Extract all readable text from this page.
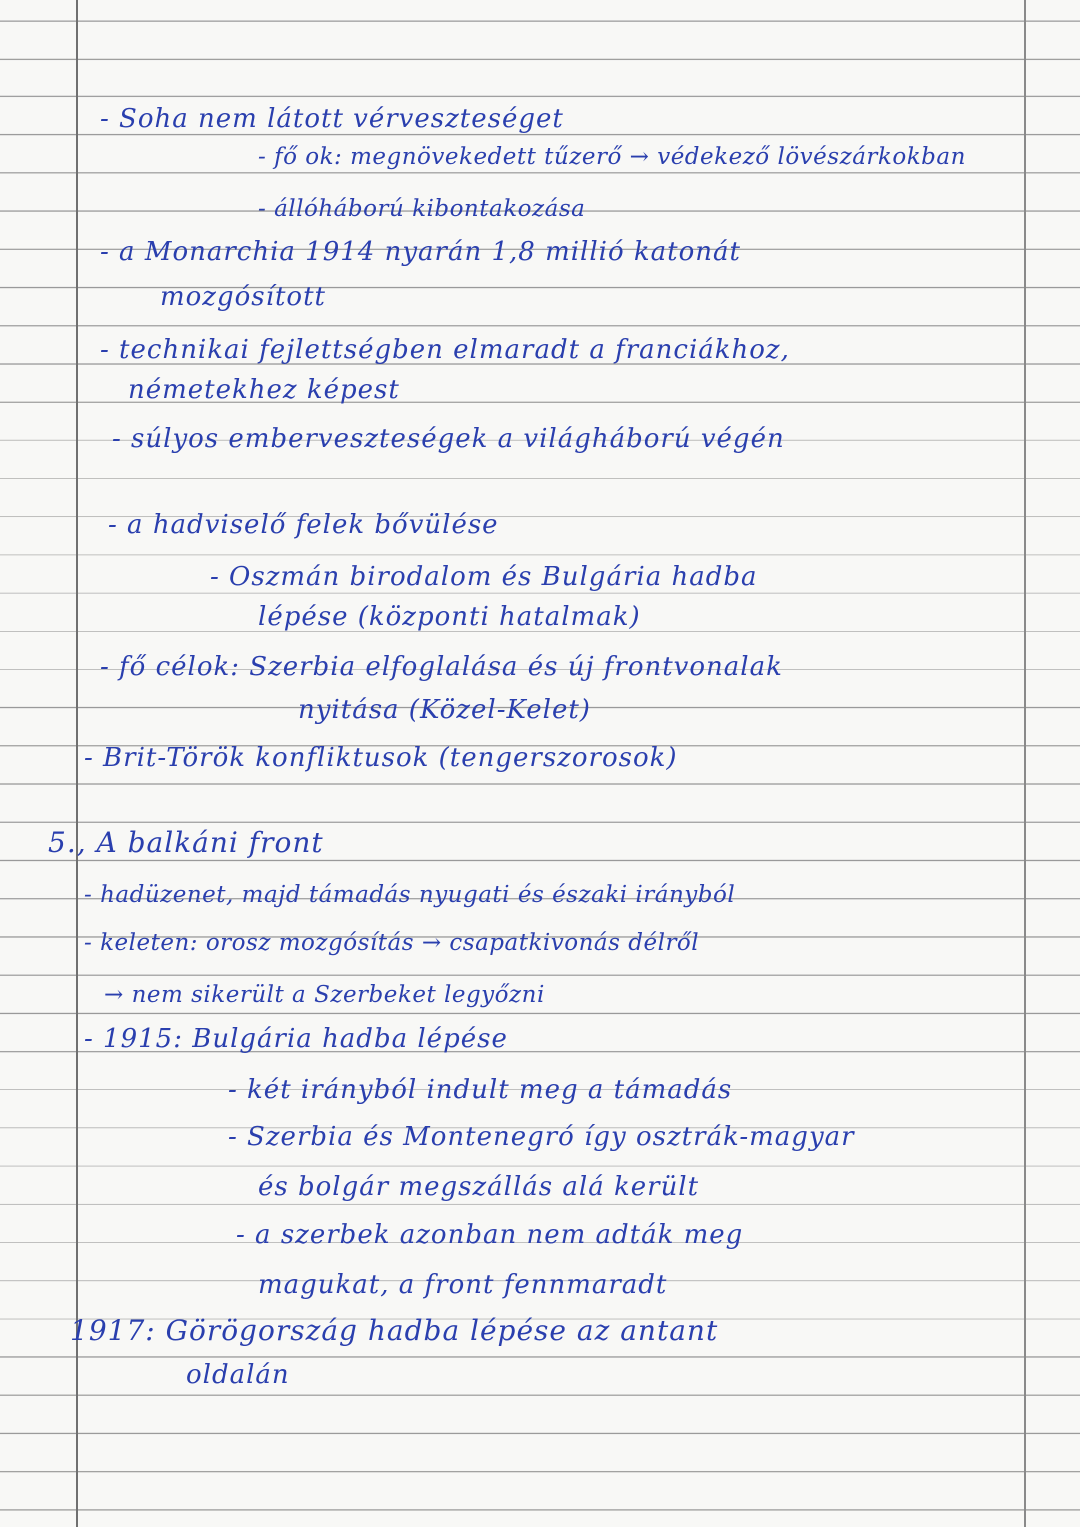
- Soha nem látott vérveszteséget
- fő ok: megnövekedett tűzerő → védekező lövészárkokban
- állóháború kibontakozása
- a Monarchia 1914 nyarán 1,8 millió katonát
mozgósított
- technikai fejlettségben elmaradt a franciákhoz,
németekhez képest
- súlyos emberveszteségek a világháború végén
- a hadviselő felek bővülése
- Oszmán birodalom és Bulgária hadba
lépése (központi hatalmak)
- fő célok: Szerbia elfoglalása és új frontvonalak
nyitása (Közel-Kelet)
- Brit-Török konfliktusok (tengerszorosok)
5., A balkáni front
- hadüzenet, majd támadás nyugati és északi irányból
- keleten: orosz mozgósítás → csapatkivonás délről
→ nem sikerült a Szerbeket legyőzni
- 1915: Bulgária hadba lépése
- két irányból indult meg a támadás
- Szerbia és Montenegró így osztrák-magyar
és bolgár megszállás alá került
- a szerbek azonban nem adták meg
magukat, a front fennmaradt
1917: Görögország hadba lépése az antant
oldalán
